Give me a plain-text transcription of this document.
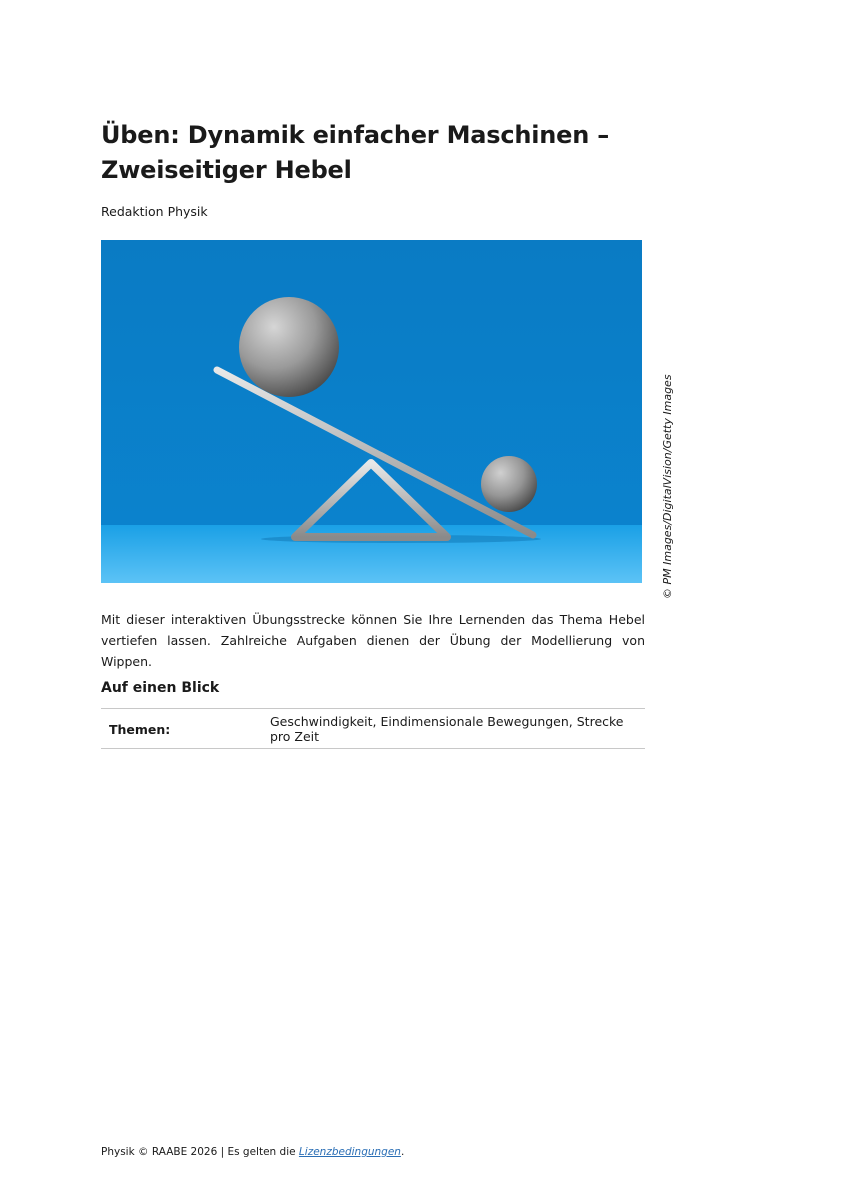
Üben: Dynamik einfacher Maschinen –
Zweiseitiger Hebel

Redaktion Physik

© PM Images/DigitalVision/Getty Images

Mit dieser interaktiven Übungsstrecke können Sie Ihre Lernenden das Thema Hebel vertiefen lassen. Zahlreiche Aufgaben dienen der Übung der Modellierung von Wippen.

Auf einen Blick
Themen:	Geschwindigkeit, Eindimensionale Bewegungen, Strecke pro Zeit

Physik © RAABE 2026 | Es gelten die Lizenzbedingungen.
